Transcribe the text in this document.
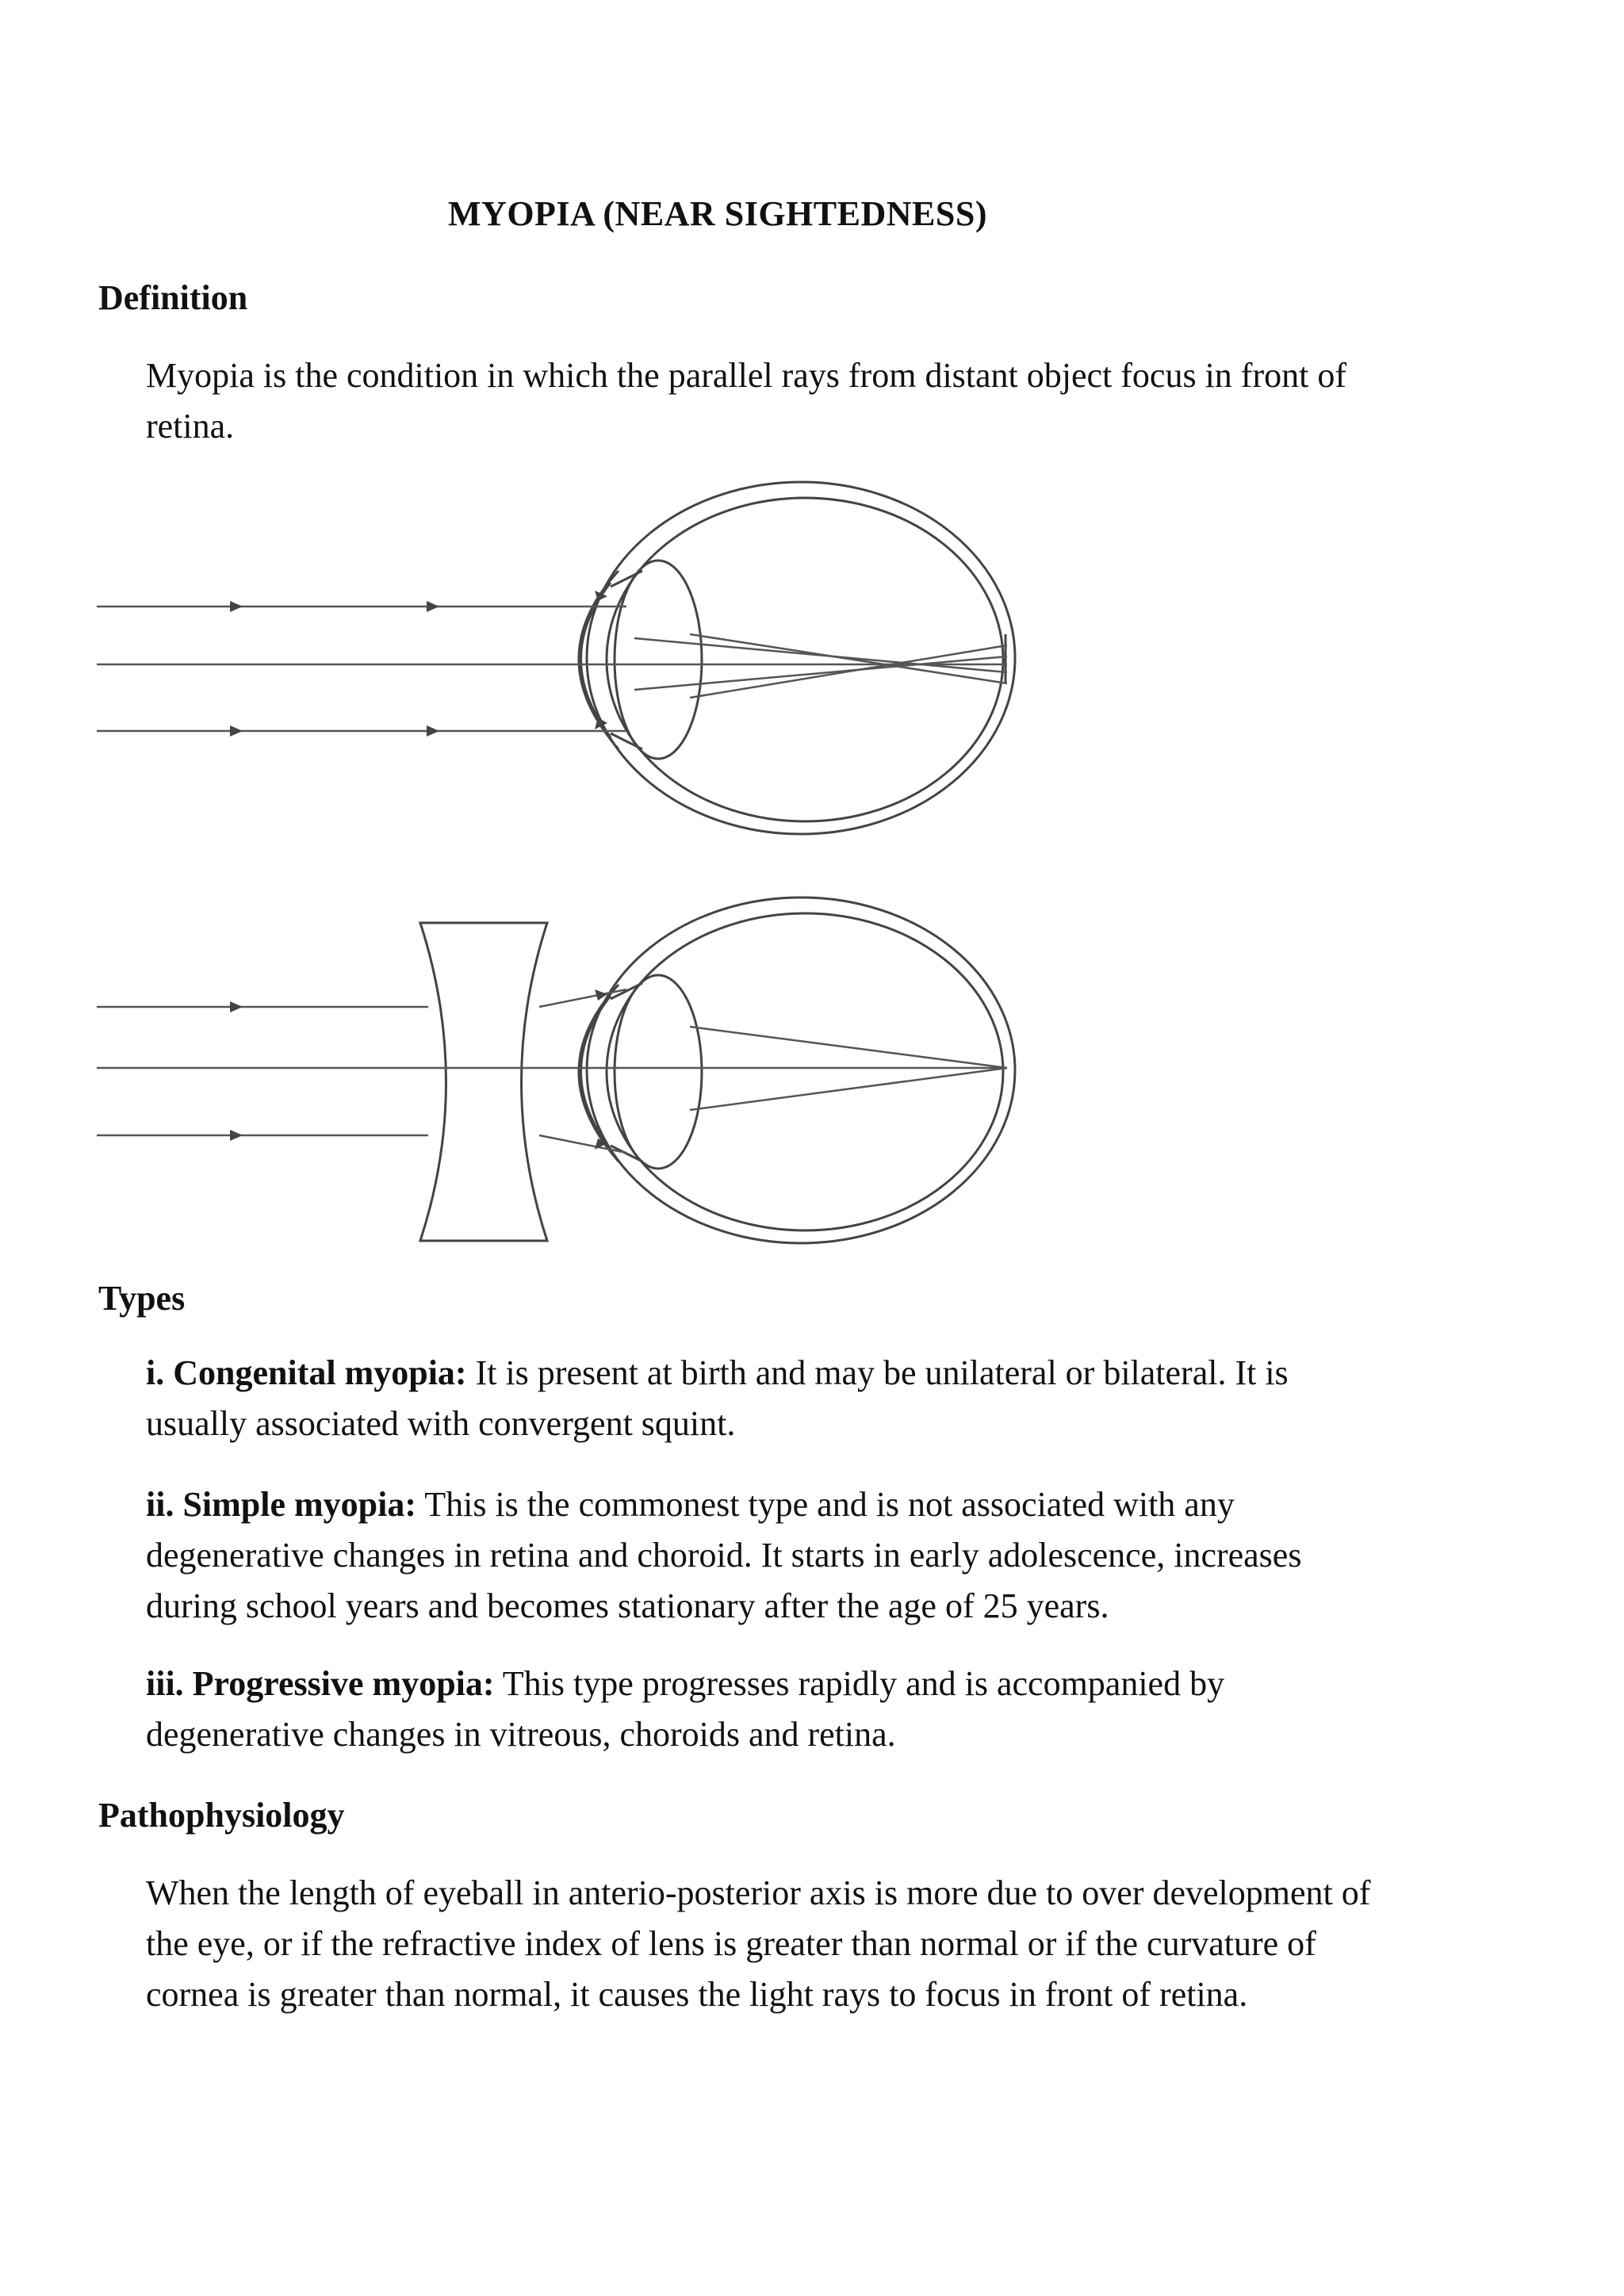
MYOPIA (NEAR SIGHTEDNESS)
Definition
Myopia is the condition in which the parallel rays from distant object focus in front of
retina.
Types
i. Congenital myopia: It is present at birth and may be unilateral or bilateral. It is
usually associated with convergent squint.
ii. Simple myopia: This is the commonest type and is not associated with any
degenerative changes in retina and choroid. It starts in early adolescence, increases
during school years and becomes stationary after the age of 25 years.
iii. Progressive myopia: This type progresses rapidly and is accompanied by
degenerative changes in vitreous, choroids and retina.
Pathophysiology
When the length of eyeball in anterio-posterior axis is more due to over development of
the eye, or if the refractive index of lens is greater than normal or if the curvature of
cornea is greater than normal, it causes the light rays to focus in front of retina.
